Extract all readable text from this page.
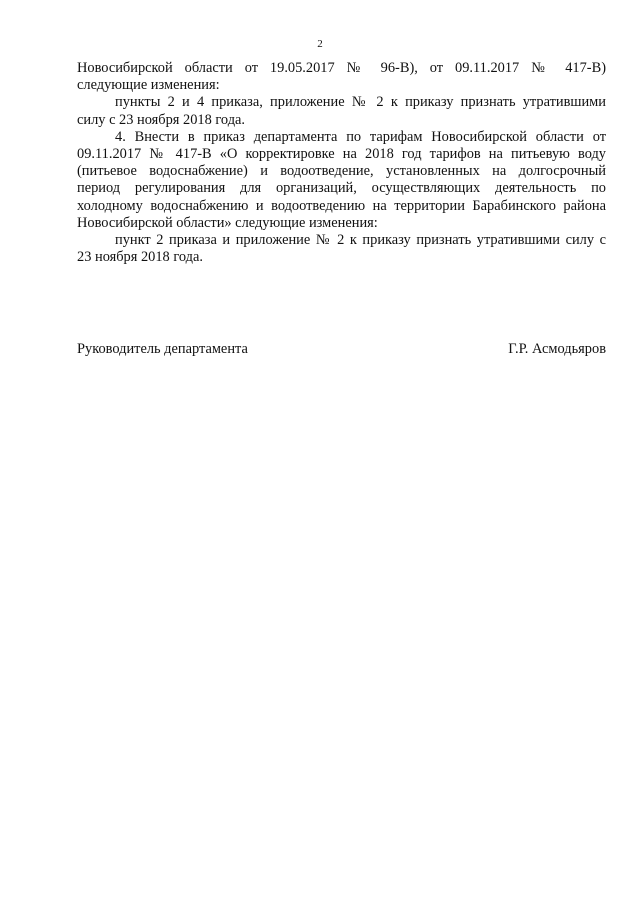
2

Новосибирской области от 19.05.2017 № 96-В), от 09.11.2017 № 417-В)

следующие изменения:

пункты 2 и 4 приказа, приложение № 2 к приказу признать утратившими

силу с 23 ноября 2018 года.

4. Внести в приказ департамента по тарифам Новосибирской области от

09.11.2017 № 417-В «О корректировке на 2018 год тарифов на питьевую воду

(питьевое водоснабжение) и водоотведение, установленных на долгосрочный

период регулирования для организаций, осуществляющих деятельность по

холодному водоснабжению и водоотведению на территории Барабинского района

Новосибирской области» следующие изменения:

пункт 2 приказа и приложение № 2 к приказу признать утратившими силу с

23 ноября 2018 года.

Руководитель департамента	Г.Р. Асмодьяров
